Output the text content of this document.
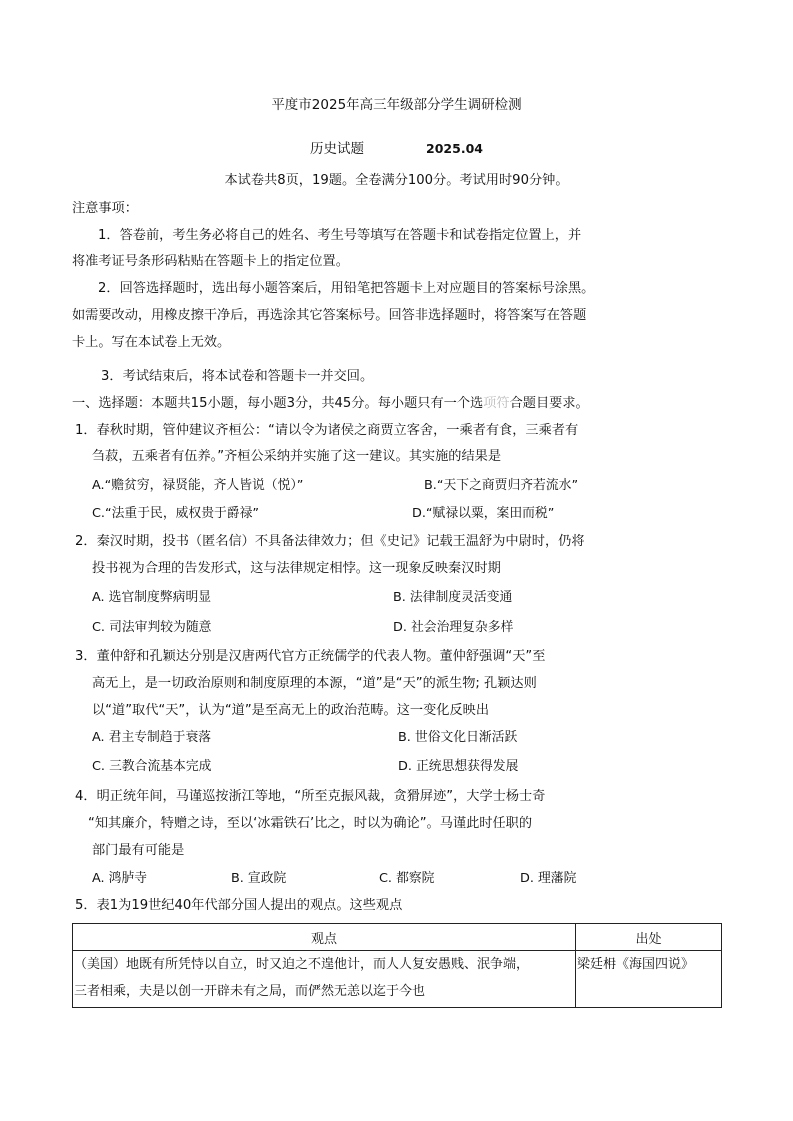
平度市2025年高三年级部分学生调研检测
历史试题	2025.04
本试卷共8页，19题。全卷满分100分。考试用时90分钟。
注意事项：
1．答卷前，考生务必将自己的姓名、考生号等填写在答题卡和试卷指定位置上，并
将准考证号条形码粘贴在答题卡上的指定位置。
2．回答选择题时，选出每小题答案后，用铅笔把答题卡上对应题目的答案标号涂黑。
如需要改动，用橡皮擦干净后，再选涂其它答案标号。回答非选择题时，将答案写在答题
卡上。写在本试卷上无效。
3．考试结束后，将本试卷和答题卡一并交回。
一、选择题：本题共15小题，每小题3分，共45分。每小题只有一个选项符合题目要求。
1．春秋时期，管仲建议齐桓公：“请以令为诸侯之商贾立客舍，一乘者有食，三乘者有
刍菽，五乘者有伍养。”齐桓公采纳并实施了这一建议。其实施的结果是
A.“赡贫穷，禄贤能，齐人皆说（悦）”	B.“天下之商贾归齐若流水”
C.“法重于民，威权贵于爵禄”	D.“赋禄以粟，案田而税”
2．秦汉时期，投书（匿名信）不具备法律效力；但《史记》记载王温舒为中尉时，仍将
投书视为合理的告发形式，这与法律规定相悖。这一现象反映秦汉时期
A. 选官制度弊病明显	B. 法律制度灵活变通
C. 司法审判较为随意	D. 社会治理复杂多样
3．董仲舒和孔颖达分别是汉唐两代官方正统儒学的代表人物。董仲舒强调“天”至
高无上，是一切政治原则和制度原理的本源，“道”是“天”的派生物; 孔颖达则
以“道”取代“天”，认为“道”是至高无上的政治范畴。这一变化反映出
A. 君主专制趋于衰落	B. 世俗文化日渐活跃
C. 三教合流基本完成	D. 正统思想获得发展
4．明正统年间，马谨巡按浙江等地，“所至克振风裁，贪猾屏迹”，大学士杨士奇
“知其廉介，特赠之诗，至以‘冰霜铁石’比之，时以为确论”。马谨此时任职的
部门最有可能是
A. 鸿胪寺	B. 宣政院	C. 都察院	D. 理藩院
5．表1为19世纪40年代部分国人提出的观点。这些观点
观点	出处

（美国）地既有所凭恃以自立，时又迫之不遑他计，而人人复安愚贱、泯争端，
三者相乘，夫是以创一开辟未有之局，而俨然无恙以迄于今也	梁廷枏《海国四说》
